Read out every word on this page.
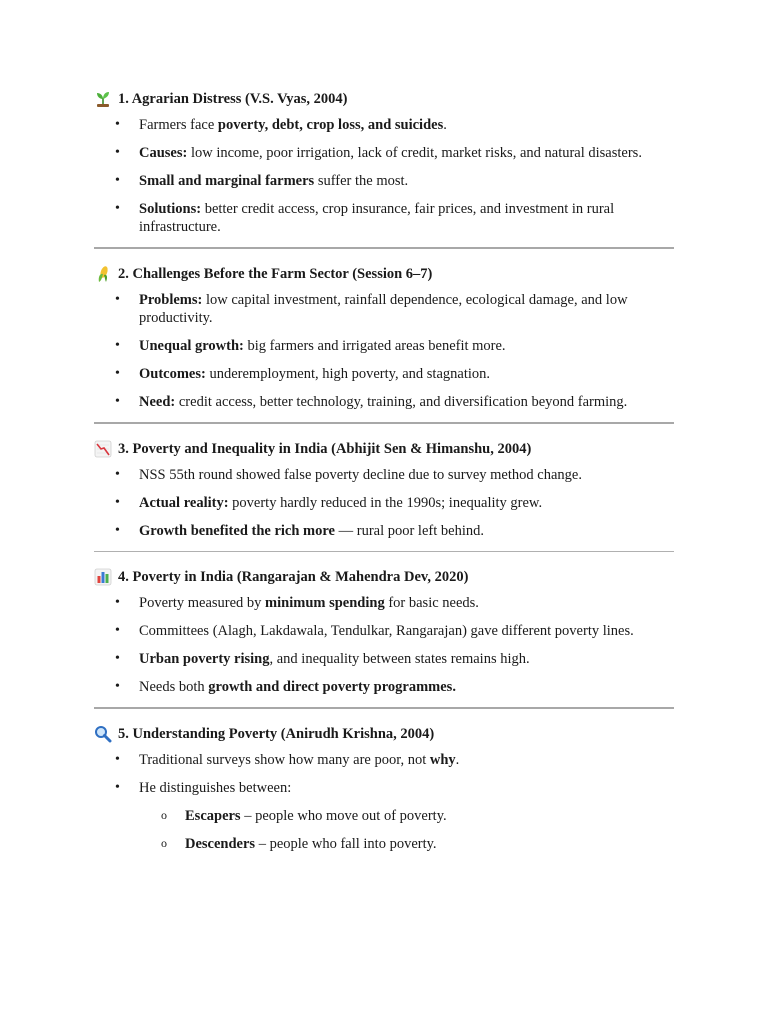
1. Agrarian Distress (V.S. Vyas, 2004)
• Farmers face poverty, debt, crop loss, and suicides.
• Causes: low income, poor irrigation, lack of credit, market risks, and natural disasters.
• Small and marginal farmers suffer the most.
• Solutions: better credit access, crop insurance, fair prices, and investment in rural infrastructure.
2. Challenges Before the Farm Sector (Session 6–7)
• Problems: low capital investment, rainfall dependence, ecological damage, and low productivity.
• Unequal growth: big farmers and irrigated areas benefit more.
• Outcomes: underemployment, high poverty, and stagnation.
• Need: credit access, better technology, training, and diversification beyond farming.
3. Poverty and Inequality in India (Abhijit Sen & Himanshu, 2004)
• NSS 55th round showed false poverty decline due to survey method change.
• Actual reality: poverty hardly reduced in the 1990s; inequality grew.
• Growth benefited the rich more — rural poor left behind.
4. Poverty in India (Rangarajan & Mahendra Dev, 2020)
• Poverty measured by minimum spending for basic needs.
• Committees (Alagh, Lakdawala, Tendulkar, Rangarajan) gave different poverty lines.
• Urban poverty rising, and inequality between states remains high.
• Needs both growth and direct poverty programmes.
5. Understanding Poverty (Anirudh Krishna, 2004)
• Traditional surveys show how many are poor, not why.
• He distinguishes between:
o Escapers – people who move out of poverty.
o Descenders – people who fall into poverty.
